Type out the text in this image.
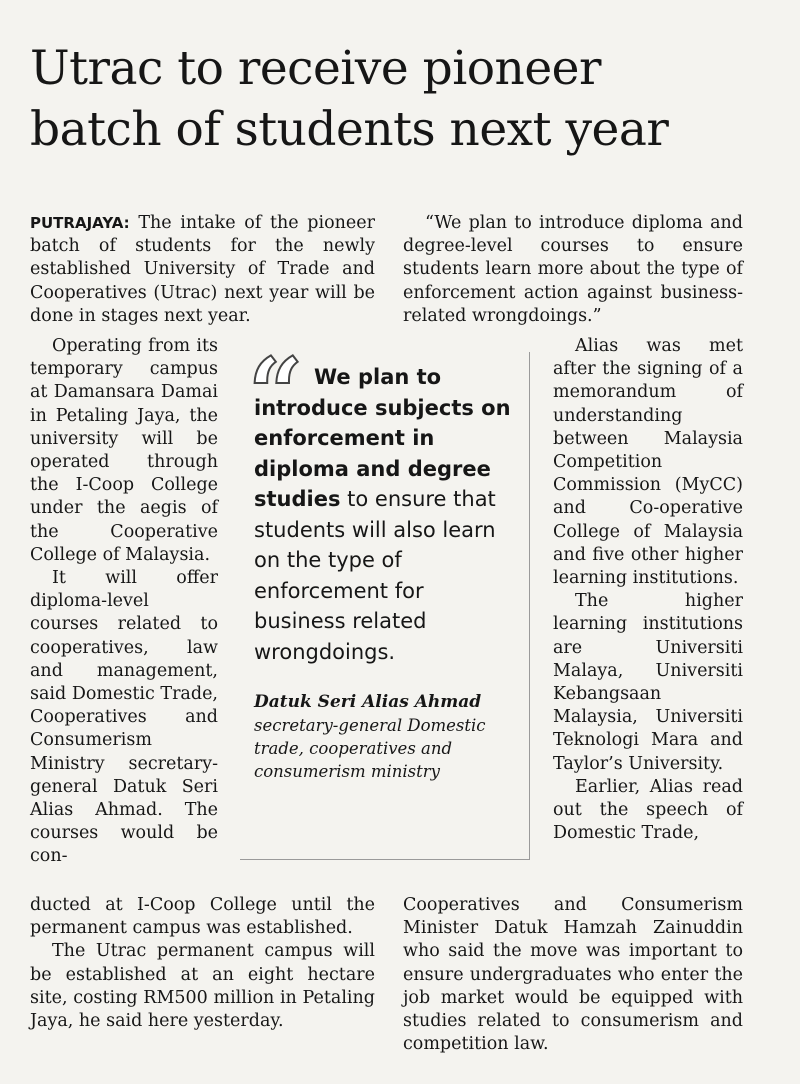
Utrac to receive pioneer
batch of students next year

PUTRAJAYA: The intake of the pioneer batch of students for the newly established University of Trade and Cooperatives (Utrac) next year will be done in stages next year.

Operating from its temporary campus at Damansara Damai in Petaling Jaya, the university will be operated through the I-Coop College under the aegis of the Cooperative College of Malaysia.

It will offer diploma-level courses related to cooperatives, law and management, said Domestic Trade, Cooperatives and Consumerism Ministry secretary-general Datuk Seri Alias Ahmad. The courses would be con-

ducted at I-Coop College until the permanent campus was established.

The Utrac permanent campus will be established at an eight hectare site, costing RM500 million in Petaling Jaya, he said here yesterday.

“We plan to introduce diploma and degree-level courses to ensure students learn more about the type of enforcement action against business-related wrongdoings.”

Alias was met after the signing of a memorandum of understanding between Malaysia Competition Commission (MyCC) and Co-operative College of Malaysia and five other higher learning institutions.

The higher learning institutions are Universiti Malaya, Universiti Kebangsaan Malaysia, Universiti Teknologi Mara and Taylor’s University.

Earlier, Alias read out the speech of Domestic Trade,

Cooperatives and Consumerism Minister Datuk Hamzah Zainuddin who said the move was important to ensure undergraduates who enter the job market would be equipped with studies related to consumerism and competition law.

“ We plan to introduce subjects on enforcement in diploma and degree studies to ensure that students will also learn on the type of enforcement for business related wrongdoings.

Datuk Seri Alias Ahmad

secretary-general Domestic trade, cooperatives and consumerism ministry
